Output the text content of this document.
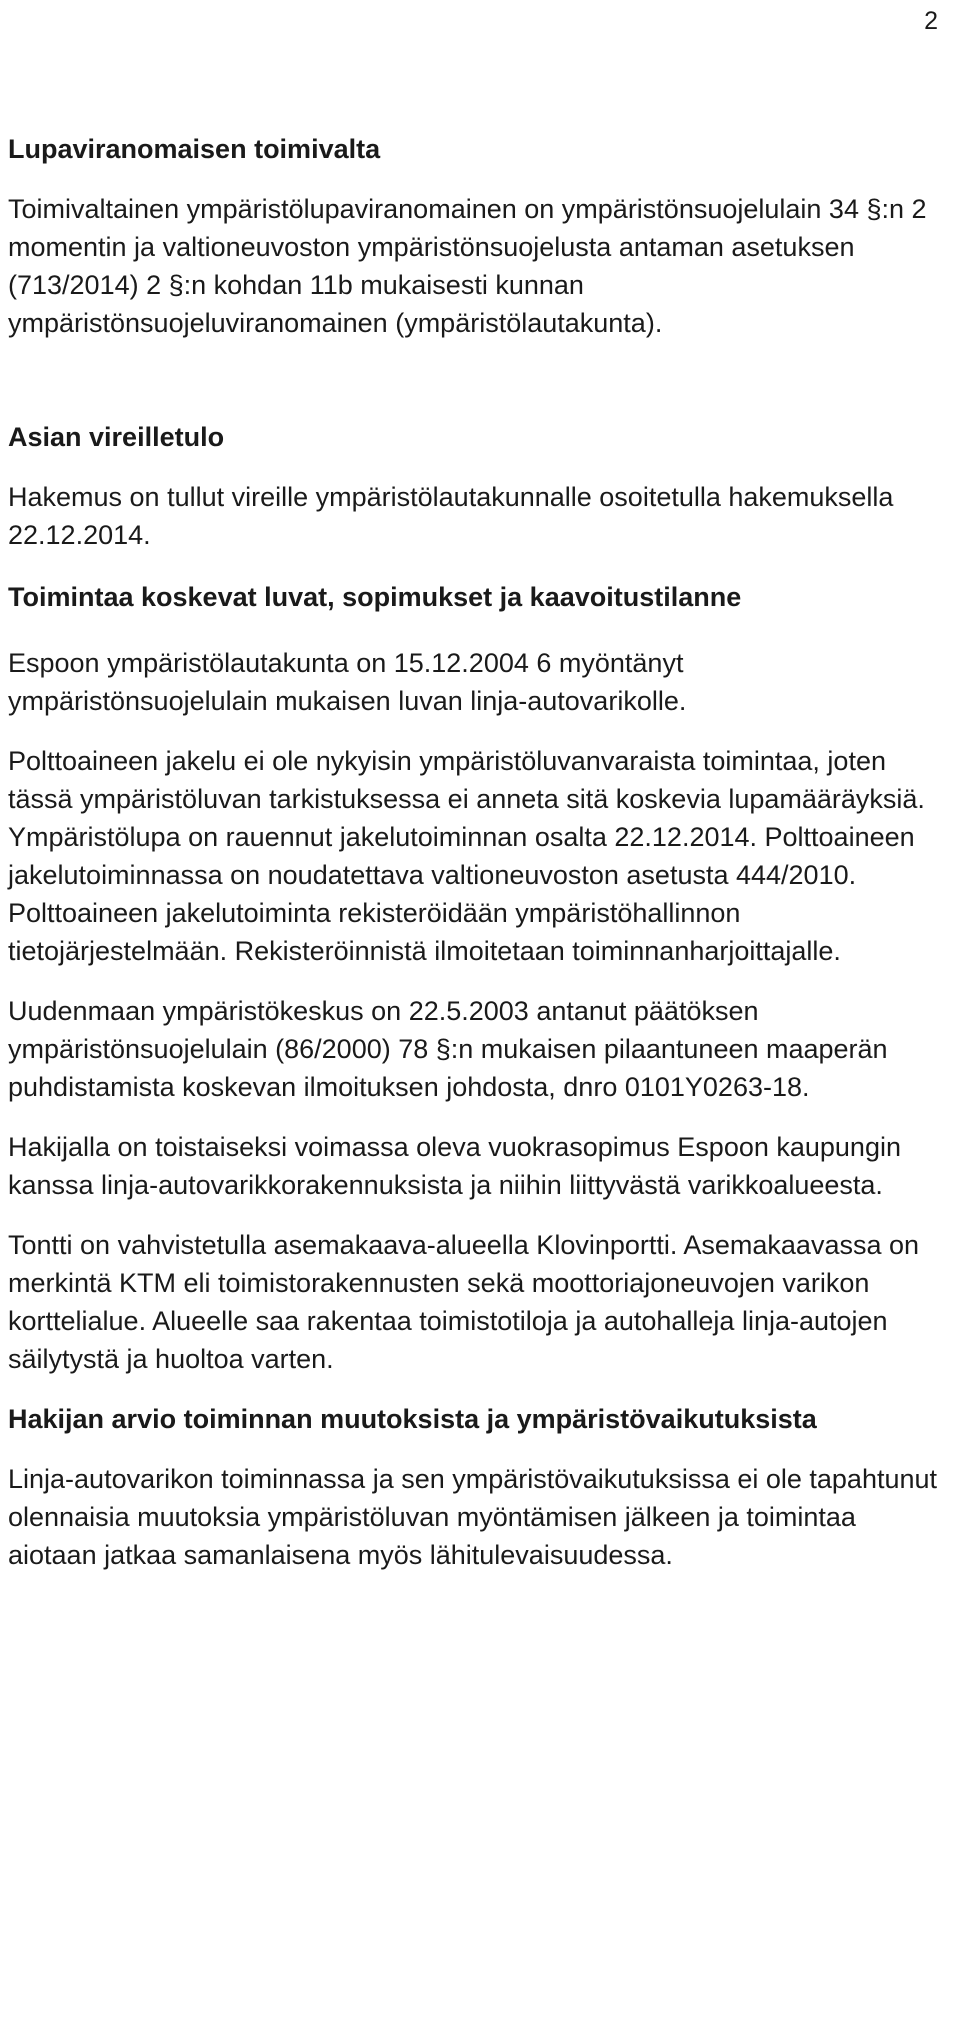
2
Lupaviranomaisen toimivalta

Toimivaltainen ympäristölupaviranomainen on ympäristönsuojelulain 34 §:n 2 momentin ja valtioneuvoston ympäristönsuojelusta antaman asetuksen (713/2014) 2 §:n kohdan 11b mukaisesti kunnan ympäristönsuojeluviranomainen (ympäristölautakunta).

Asian vireilletulo

Hakemus on tullut vireille ympäristölautakunnalle osoitetulla hakemuksella 22.12.2014.

Toimintaa koskevat luvat, sopimukset ja kaavoitustilanne

Espoon ympäristölautakunta on 15.12.2004 6 myöntänyt ympäristönsuojelulain mukaisen luvan linja-autovarikolle.

Polttoaineen jakelu ei ole nykyisin ympäristöluvanvaraista toimintaa, joten tässä ympäristöluvan tarkistuksessa ei anneta sitä koskevia lupamääräyksiä. Ympäristölupa on rauennut jakelutoiminnan osalta 22.12.2014. Polttoaineen jakelutoiminnassa on noudatettava valtioneuvoston asetusta 444/2010. Polttoaineen jakelutoiminta rekisteröidään ympäristöhallinnon tietojärjestelmään. Rekisteröinnistä ilmoitetaan toiminnanharjoittajalle.

Uudenmaan ympäristökeskus on 22.5.2003 antanut päätöksen ympäristönsuojelulain (86/2000) 78 §:n mukaisen pilaantuneen maaperän puhdistamista koskevan ilmoituksen johdosta, dnro 0101Y0263-18.

Hakijalla on toistaiseksi voimassa oleva vuokrasopimus Espoon kaupungin kanssa linja-autovarikkorakennuksista ja niihin liittyvästä varikkoalueesta.

Tontti on vahvistetulla asemakaava-alueella Klovinportti. Asemakaavassa on merkintä KTM eli toimistorakennusten sekä moottoriajoneuvojen varikon korttelialue. Alueelle saa rakentaa toimistotiloja ja autohalleja linja-autojen säilytystä ja huoltoa varten.

Hakijan arvio toiminnan muutoksista ja ympäristövaikutuksista

Linja-autovarikon toiminnassa ja sen ympäristövaikutuksissa ei ole tapahtunut olennaisia muutoksia ympäristöluvan myöntämisen jälkeen ja toimintaa aiotaan jatkaa samanlaisena myös lähitulevaisuudessa.
